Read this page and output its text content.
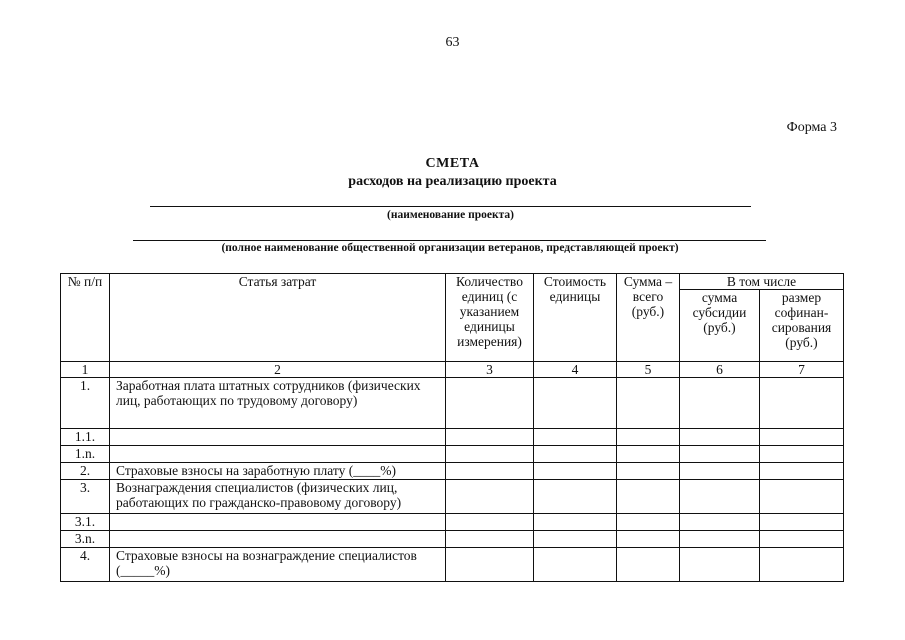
63
Форма 3
СМЕТА
расходов на реализацию проекта
(наименование проекта)
(полное наименование общественной организации ветеранов, представляющей проект)
№ п/п	Статья затрат	Количество единиц (с указанием единицы измерения)	Стоимость единицы	Сумма – всего (руб.)	В том числе	
					сумма субсидии (руб.)	размер софинан- сирования (руб.)
1	2	3	4	5	6	7
1.	Заработная плата штатных сотрудников (физических лиц, работающих по трудовому договору)					
1.1.						
1.n.						
2.	Страховые взносы на заработную плату (____%)					
3.	Вознаграждения специалистов (физических лиц, работающих по гражданско-правовому договору)					
3.1.						
3.n.						
4.	Страховые взносы на вознаграждение специалистов (_____%)					
